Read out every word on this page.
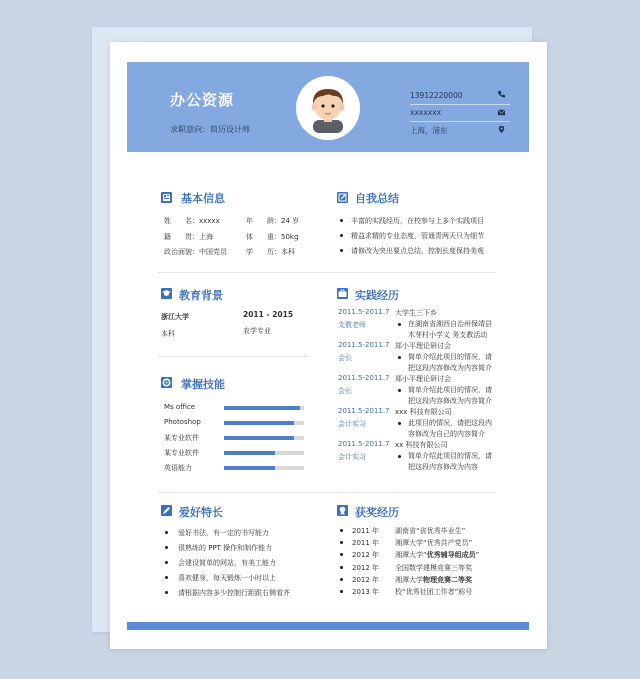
办公资源
求职意向：简历设计师
13912220000
xxxxxxx
上海，浦东
基本信息
姓　　名：xxxxx	年　　龄：24 岁
籍　　贯：上海	体　　重：50kg
政治面貌：中国党员	学　　历：本科
自我总结
丰富的实践经历，在校参与上多个实践项目
精益求精的专业态度，管通青两天只为细节
请修改为突出要点总结，控制长度保持美观
教育背景
浙江大学	2011 - 2015
本科	农学专业
掌握技能
Ms office
Photoshop
某专业软件
某专业软件
英语能力
实践经历
2011.5-2011.7
支教老师
大学生三下乡
在湖南省湘西自治州保靖县
木芽村小学义 务支教活动
2011.5-2011.7
会长
郑小平理论研讨会
简单介绍此项目的情况，请
把这段内容修改为内容简介
2011.5-2011.7
会长
郑小平理论研讨会
简单介绍此项目的情况，请
把这段内容修改为内容简介
2011.5-2011.7
会计实习
xxx 科技有限公司
此项目的情况，请把这段内
容修改为自己的内容简介
2011.5-2011.7
会计实习
xx 科技有限公司
简单介绍此项目的情况，请
把这段内容修改为内容
爱好特长
爱好书法，有一定的书写能力
很熟练的 PPT 操作和制作能力
会建设简单的网站，有美工能力
喜欢健身，每天锻炼一小时以上
请根据内容多少控制行距跟右侧看齐
获奖经历
2011 年 湖南省“省优秀毕业生”
2011 年 湘潭大学“优秀共产党员”
2012 年 湘潭大学“优秀辅导组成员”
2012 年 全国数学建模竞赛三等奖
2012 年 湘潭大学物理竞赛二等奖
2013 年 校“优秀社团工作者”称号
